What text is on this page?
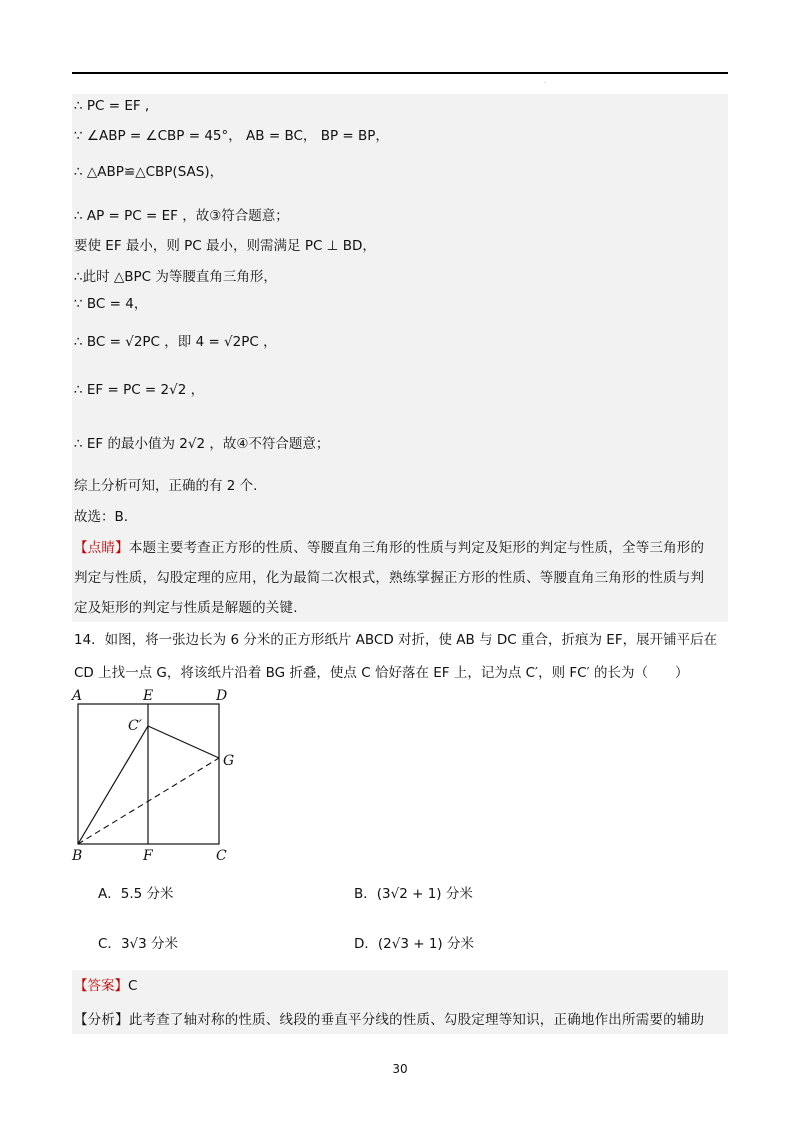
·
∴ PC = EF ,
∵ ∠ABP = ∠CBP = 45°， AB = BC， BP = BP，
∴ △ABP≌△CBP(SAS)，
∴ AP = PC = EF ，故③符合题意；
要使 EF 最小，则 PC 最小，则需满足 PC ⊥ BD，
∴此时 △BPC 为等腰直角三角形，
∵ BC = 4，
∴ BC = √2PC ，即 4 = √2PC ，
∴ EF = PC = 2√2 ，
∴ EF 的最小值为 2√2 ，故④不符合题意；
综上分析可知，正确的有 2 个.
故选：B.
【点睛】本题主要考查正方形的性质、等腰直角三角形的性质与判定及矩形的判定与性质，全等三角形的
判定与性质，勾股定理的应用，化为最简二次根式，熟练掌握正方形的性质、等腰直角三角形的性质与判
定及矩形的判定与性质是解题的关键.
14．如图，将一张边长为 6 分米的正方形纸片 ABCD 对折，使 AB 与 DC 重合，折痕为 EF，展开铺平后在
CD 上找一点 G，将该纸片沿着 BG 折叠，使点 C 恰好落在 EF 上，记为点 C′，则 FC′ 的长为（　　）
A	E	D
C′
G
B	F	C
A．5.5 分米	B．(3√2 + 1) 分米
C．3√3 分米	D．(2√3 + 1) 分米
【答案】C
【分析】此考查了轴对称的性质、线段的垂直平分线的性质、勾股定理等知识，正确地作出所需要的辅助
30
